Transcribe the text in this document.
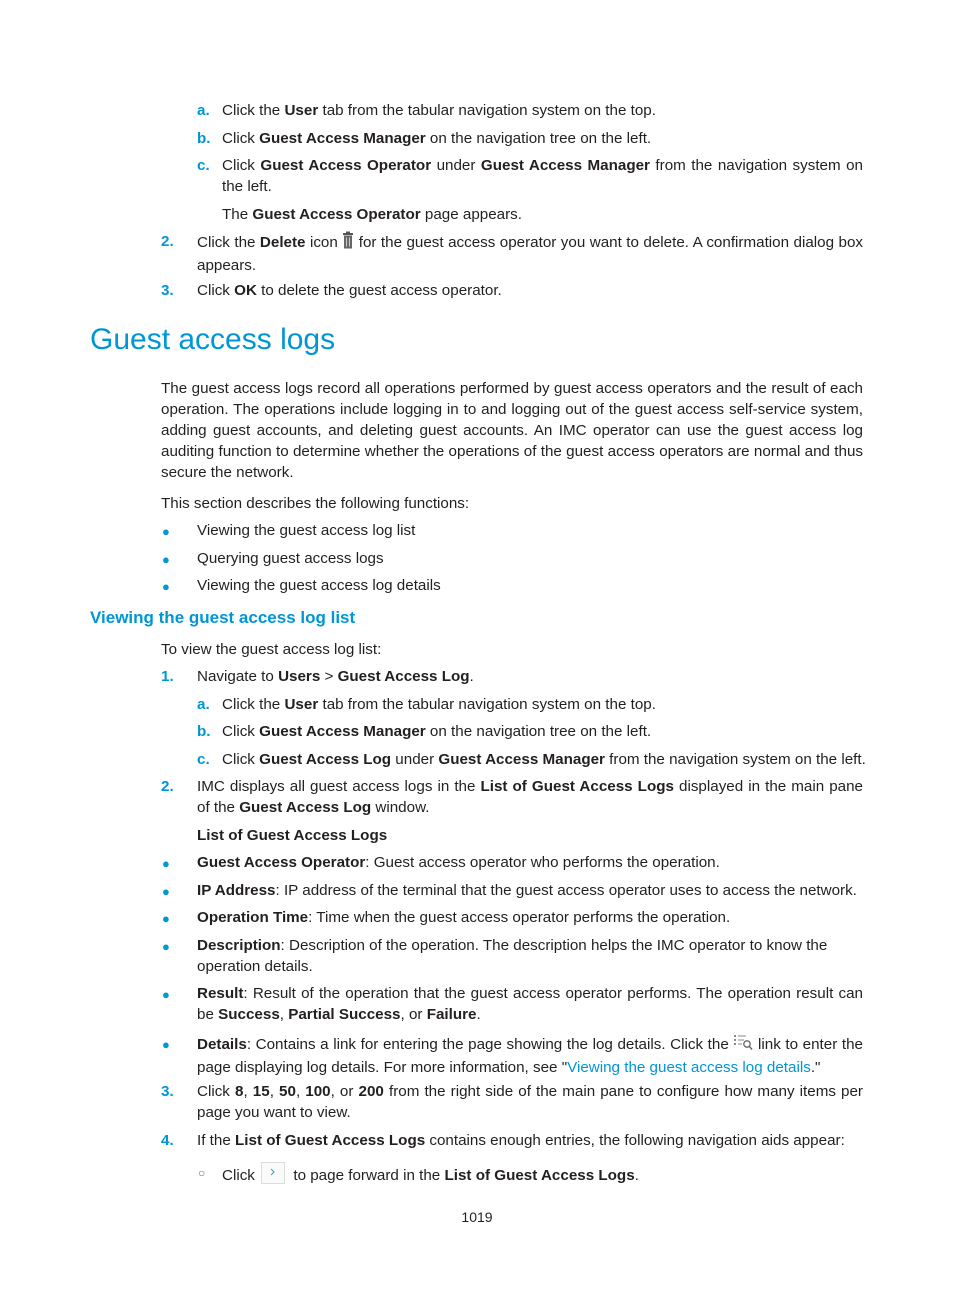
a. Click the User tab from the tabular navigation system on the top.
b. Click Guest Access Manager on the navigation tree on the left.
c. Click Guest Access Operator under Guest Access Manager from the navigation system on the left.
The Guest Access Operator page appears.
2. Click the Delete icon  for the guest access operator you want to delete. A confirmation dialog box appears.
3. Click OK to delete the guest access operator.
Guest access logs
The guest access logs record all operations performed by guest access operators and the result of each operation. The operations include logging in to and logging out of the guest access self-service system, adding guest accounts, and deleting guest accounts. An IMC operator can use the guest access log auditing function to determine whether the operations of the guest access operators are normal and thus secure the network.
This section describes the following functions:
● Viewing the guest access log list
● Querying guest access logs
● Viewing the guest access log details
Viewing the guest access log list
To view the guest access log list:
1. Navigate to Users > Guest Access Log.
a. Click the User tab from the tabular navigation system on the top.
b. Click Guest Access Manager on the navigation tree on the left.
c. Click Guest Access Log under Guest Access Manager from the navigation system on the left.
2. IMC displays all guest access logs in the List of Guest Access Logs displayed in the main pane of the Guest Access Log window.
List of Guest Access Logs
● Guest Access Operator: Guest access operator who performs the operation.
● IP Address: IP address of the terminal that the guest access operator uses to access the network.
● Operation Time: Time when the guest access operator performs the operation.
● Description: Description of the operation. The description helps the IMC operator to know the operation details.
● Result: Result of the operation that the guest access operator performs. The operation result can be Success, Partial Success, or Failure.
● Details: Contains a link for entering the page showing the log details. Click the  link to enter the page displaying log details. For more information, see "Viewing the guest access log details."
3. Click 8, 15, 50, 100, or 200 from the right side of the main pane to configure how many items per page you want to view.
4. If the List of Guest Access Logs contains enough entries, the following navigation aids appear:
○ Click  to page forward in the List of Guest Access Logs.
1019
